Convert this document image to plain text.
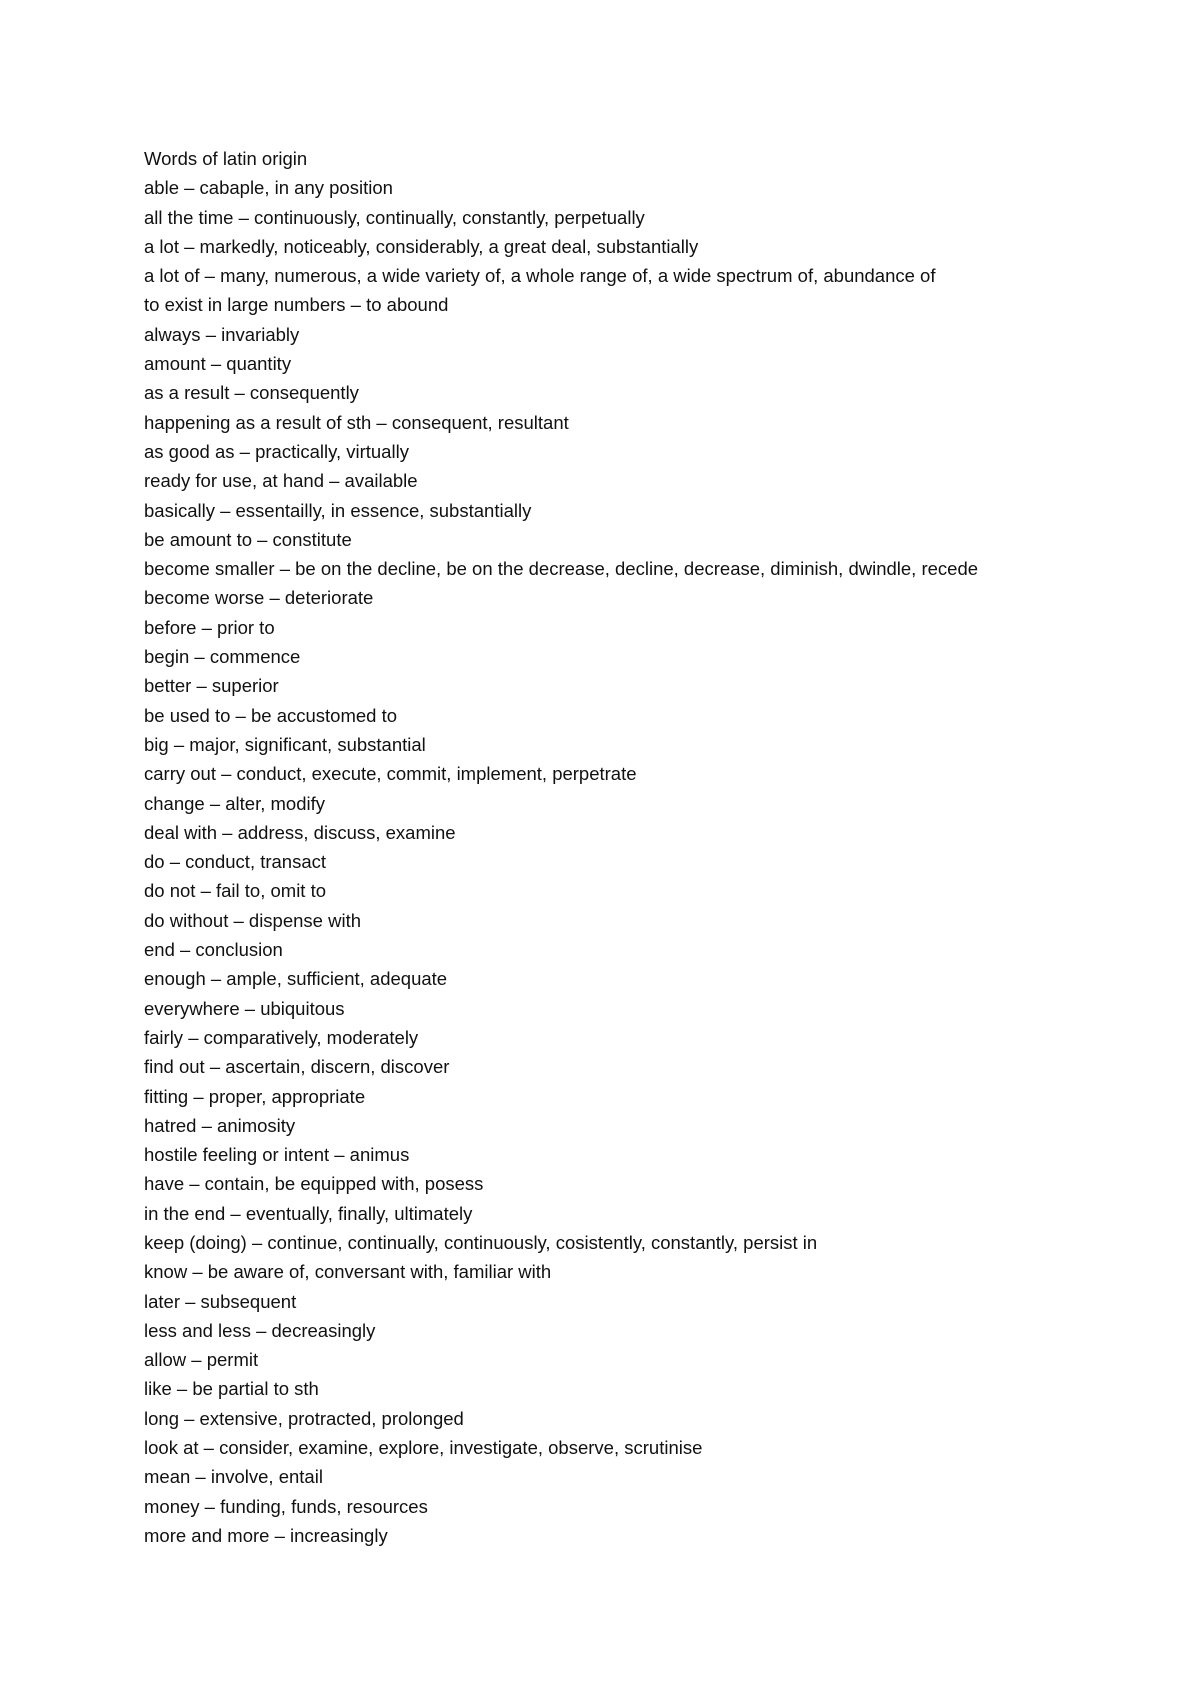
Words of latin origin
able – cabaple, in any position
all the time – continuously, continually, constantly, perpetually
a lot – markedly, noticeably, considerably, a great deal, substantially
a lot of – many, numerous, a wide variety of, a whole range of, a wide spectrum of, abundance of
to exist in large numbers – to abound
always – invariably
amount – quantity
as a result – consequently
happening as a result of sth – consequent, resultant
as good as – practically, virtually
ready for use, at hand – available
basically – essentailly, in essence, substantially
be amount to – constitute
become smaller – be on the decline, be on the decrease, decline, decrease, diminish, dwindle, recede
become worse – deteriorate
before – prior to
begin – commence
better – superior
be used to – be accustomed to
big – major, significant, substantial
carry out – conduct, execute, commit, implement, perpetrate
change – alter, modify
deal with – address, discuss, examine
do – conduct, transact
do not – fail to, omit to
do without – dispense with
end – conclusion
enough – ample, sufficient, adequate
everywhere – ubiquitous
fairly – comparatively, moderately
find out – ascertain, discern, discover
fitting – proper, appropriate
hatred – animosity
hostile feeling or intent – animus
have – contain, be equipped with, posess
in the end – eventually, finally, ultimately
keep (doing) – continue, continually, continuously, cosistently, constantly, persist in
know – be aware of, conversant with, familiar with
later – subsequent
less and less – decreasingly
allow – permit
like – be partial to sth
long – extensive, protracted, prolonged
look at – consider, examine, explore, investigate, observe, scrutinise
mean – involve, entail
money – funding, funds, resources
more and more – increasingly
